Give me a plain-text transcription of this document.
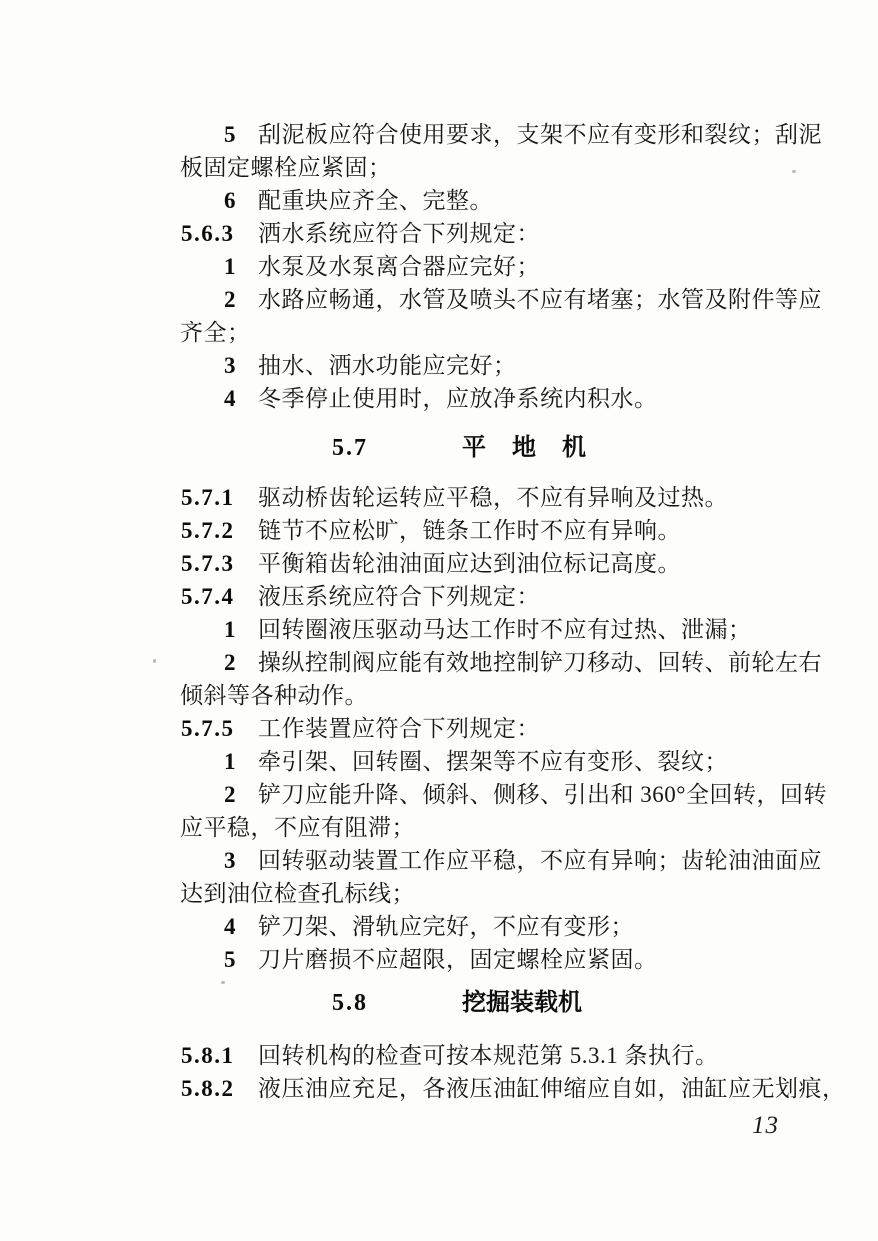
5 刮泥板应符合使用要求，支架不应有变形和裂纹；刮泥
板固定螺栓应紧固；
6 配重块应齐全、完整。
5.6.3 洒水系统应符合下列规定：
1 水泵及水泵离合器应完好；
2 水路应畅通，水管及喷头不应有堵塞；水管及附件等应
齐全；
3 抽水、洒水功能应完好；
4 冬季停止使用时，应放净系统内积水。
5.7	平　地　机
5.7.1 驱动桥齿轮运转应平稳，不应有异响及过热。
5.7.2 链节不应松旷，链条工作时不应有异响。
5.7.3 平衡箱齿轮油油面应达到油位标记高度。
5.7.4 液压系统应符合下列规定：
1 回转圈液压驱动马达工作时不应有过热、泄漏；
2 操纵控制阀应能有效地控制铲刀移动、回转、前轮左右
倾斜等各种动作。
5.7.5 工作装置应符合下列规定：
1 牵引架、回转圈、摆架等不应有变形、裂纹；
2 铲刀应能升降、倾斜、侧移、引出和 360°全回转，回转
应平稳，不应有阻滞；
3 回转驱动装置工作应平稳，不应有异响；齿轮油油面应
达到油位检查孔标线；
4 铲刀架、滑轨应完好，不应有变形；
5 刀片磨损不应超限，固定螺栓应紧固。
5.8	挖掘装载机
5.8.1 回转机构的检查可按本规范第 5.3.1 条执行。
5.8.2 液压油应充足，各液压油缸伸缩应自如，油缸应无划痕，
13
